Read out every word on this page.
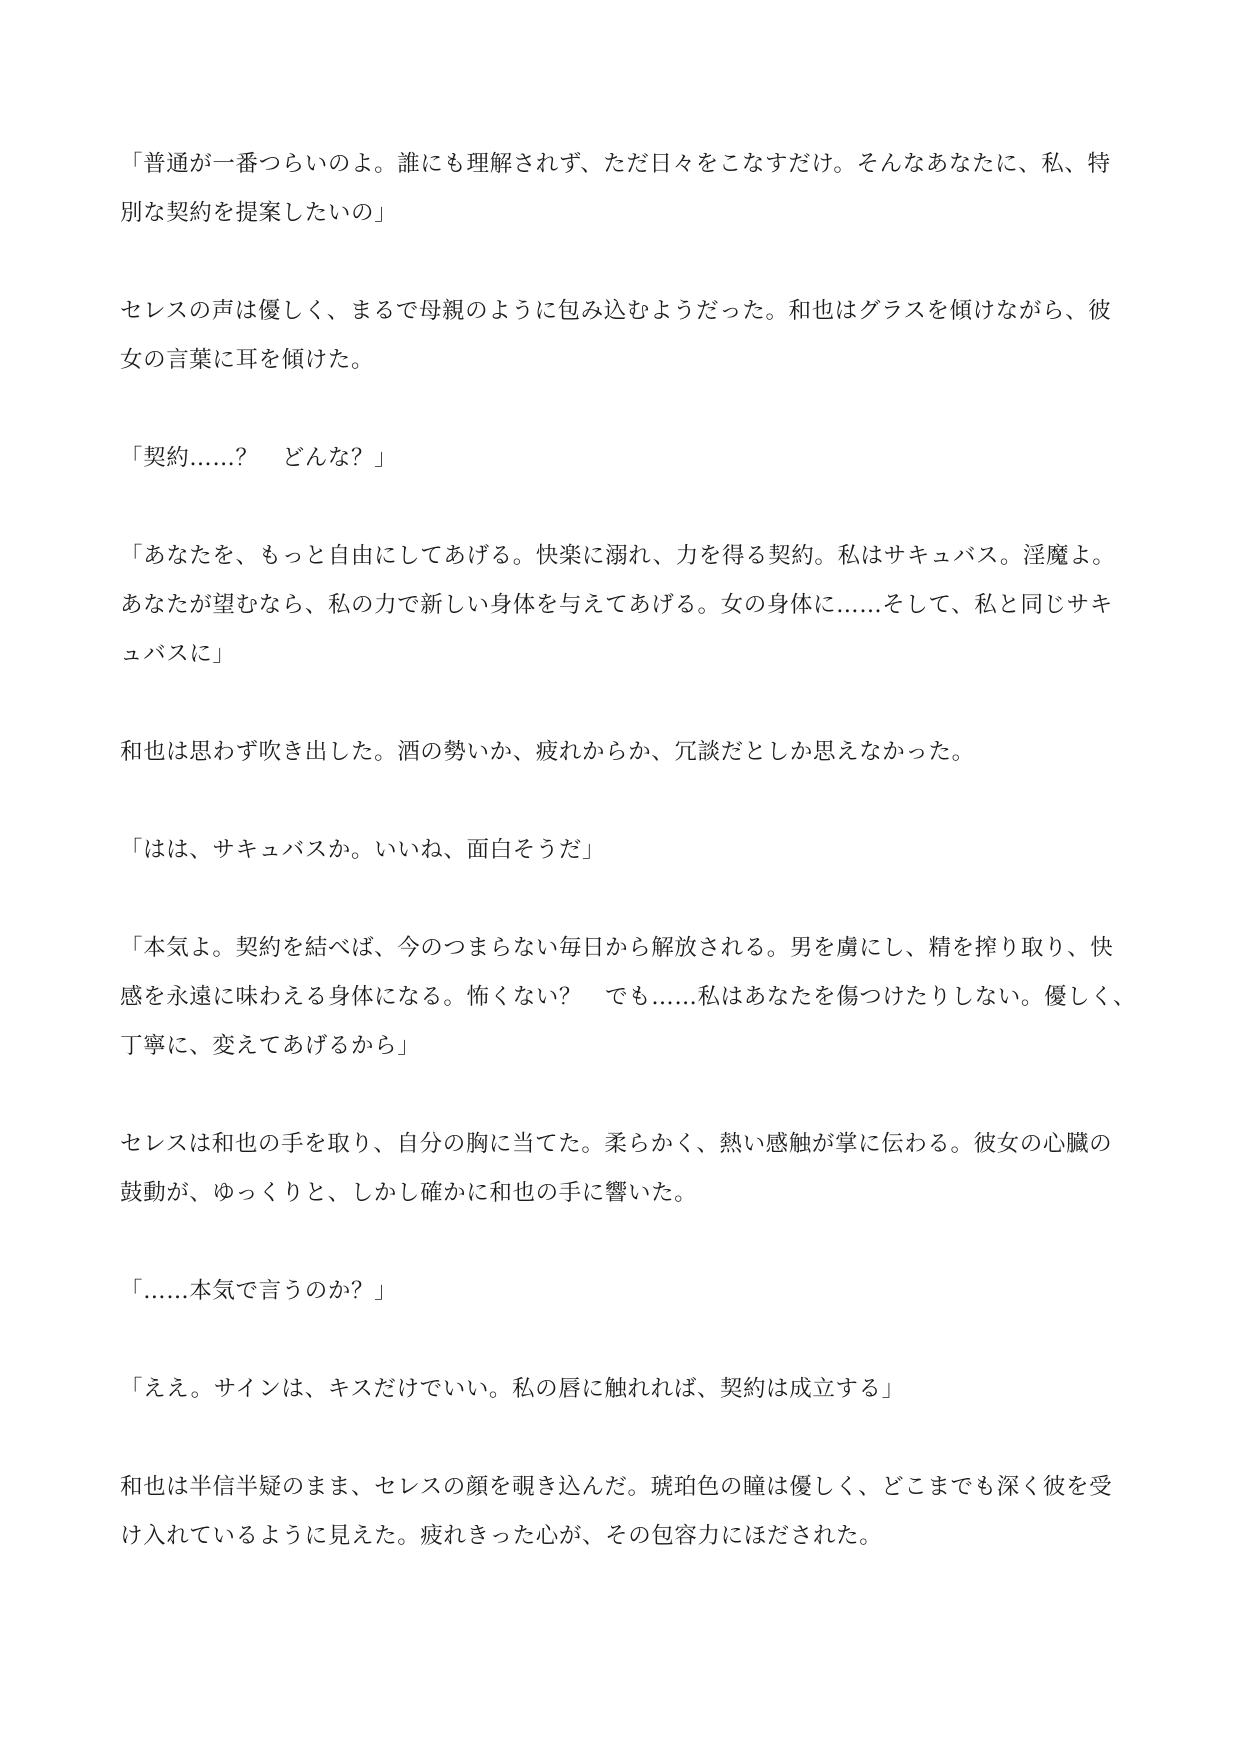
「普通が一番つらいのよ。誰にも理解されず、ただ日々をこなすだけ。そんなあなたに、私、特
別な契約を提案したいの」

セレスの声は優しく、まるで母親のように包み込むようだった。和也はグラスを傾けながら、彼
女の言葉に耳を傾けた。

「契約……？　どんな？」

「あなたを、もっと自由にしてあげる。快楽に溺れ、力を得る契約。私はサキュバス。淫魔よ。
あなたが望むなら、私の力で新しい身体を与えてあげる。女の身体に……そして、私と同じサキ
ュバスに」

和也は思わず吹き出した。酒の勢いか、疲れからか、冗談だとしか思えなかった。

「はは、サキュバスか。いいね、面白そうだ」

「本気よ。契約を結べば、今のつまらない毎日から解放される。男を虜にし、精を搾り取り、快
感を永遠に味わえる身体になる。怖くない？　でも……私はあなたを傷つけたりしない。優しく、
丁寧に、変えてあげるから」

セレスは和也の手を取り、自分の胸に当てた。柔らかく、熱い感触が掌に伝わる。彼女の心臓の
鼓動が、ゆっくりと、しかし確かに和也の手に響いた。

「……本気で言うのか？」

「ええ。サインは、キスだけでいい。私の唇に触れれば、契約は成立する」

和也は半信半疑のまま、セレスの顔を覗き込んだ。琥珀色の瞳は優しく、どこまでも深く彼を受
け入れているように見えた。疲れきった心が、その包容力にほだされた。
